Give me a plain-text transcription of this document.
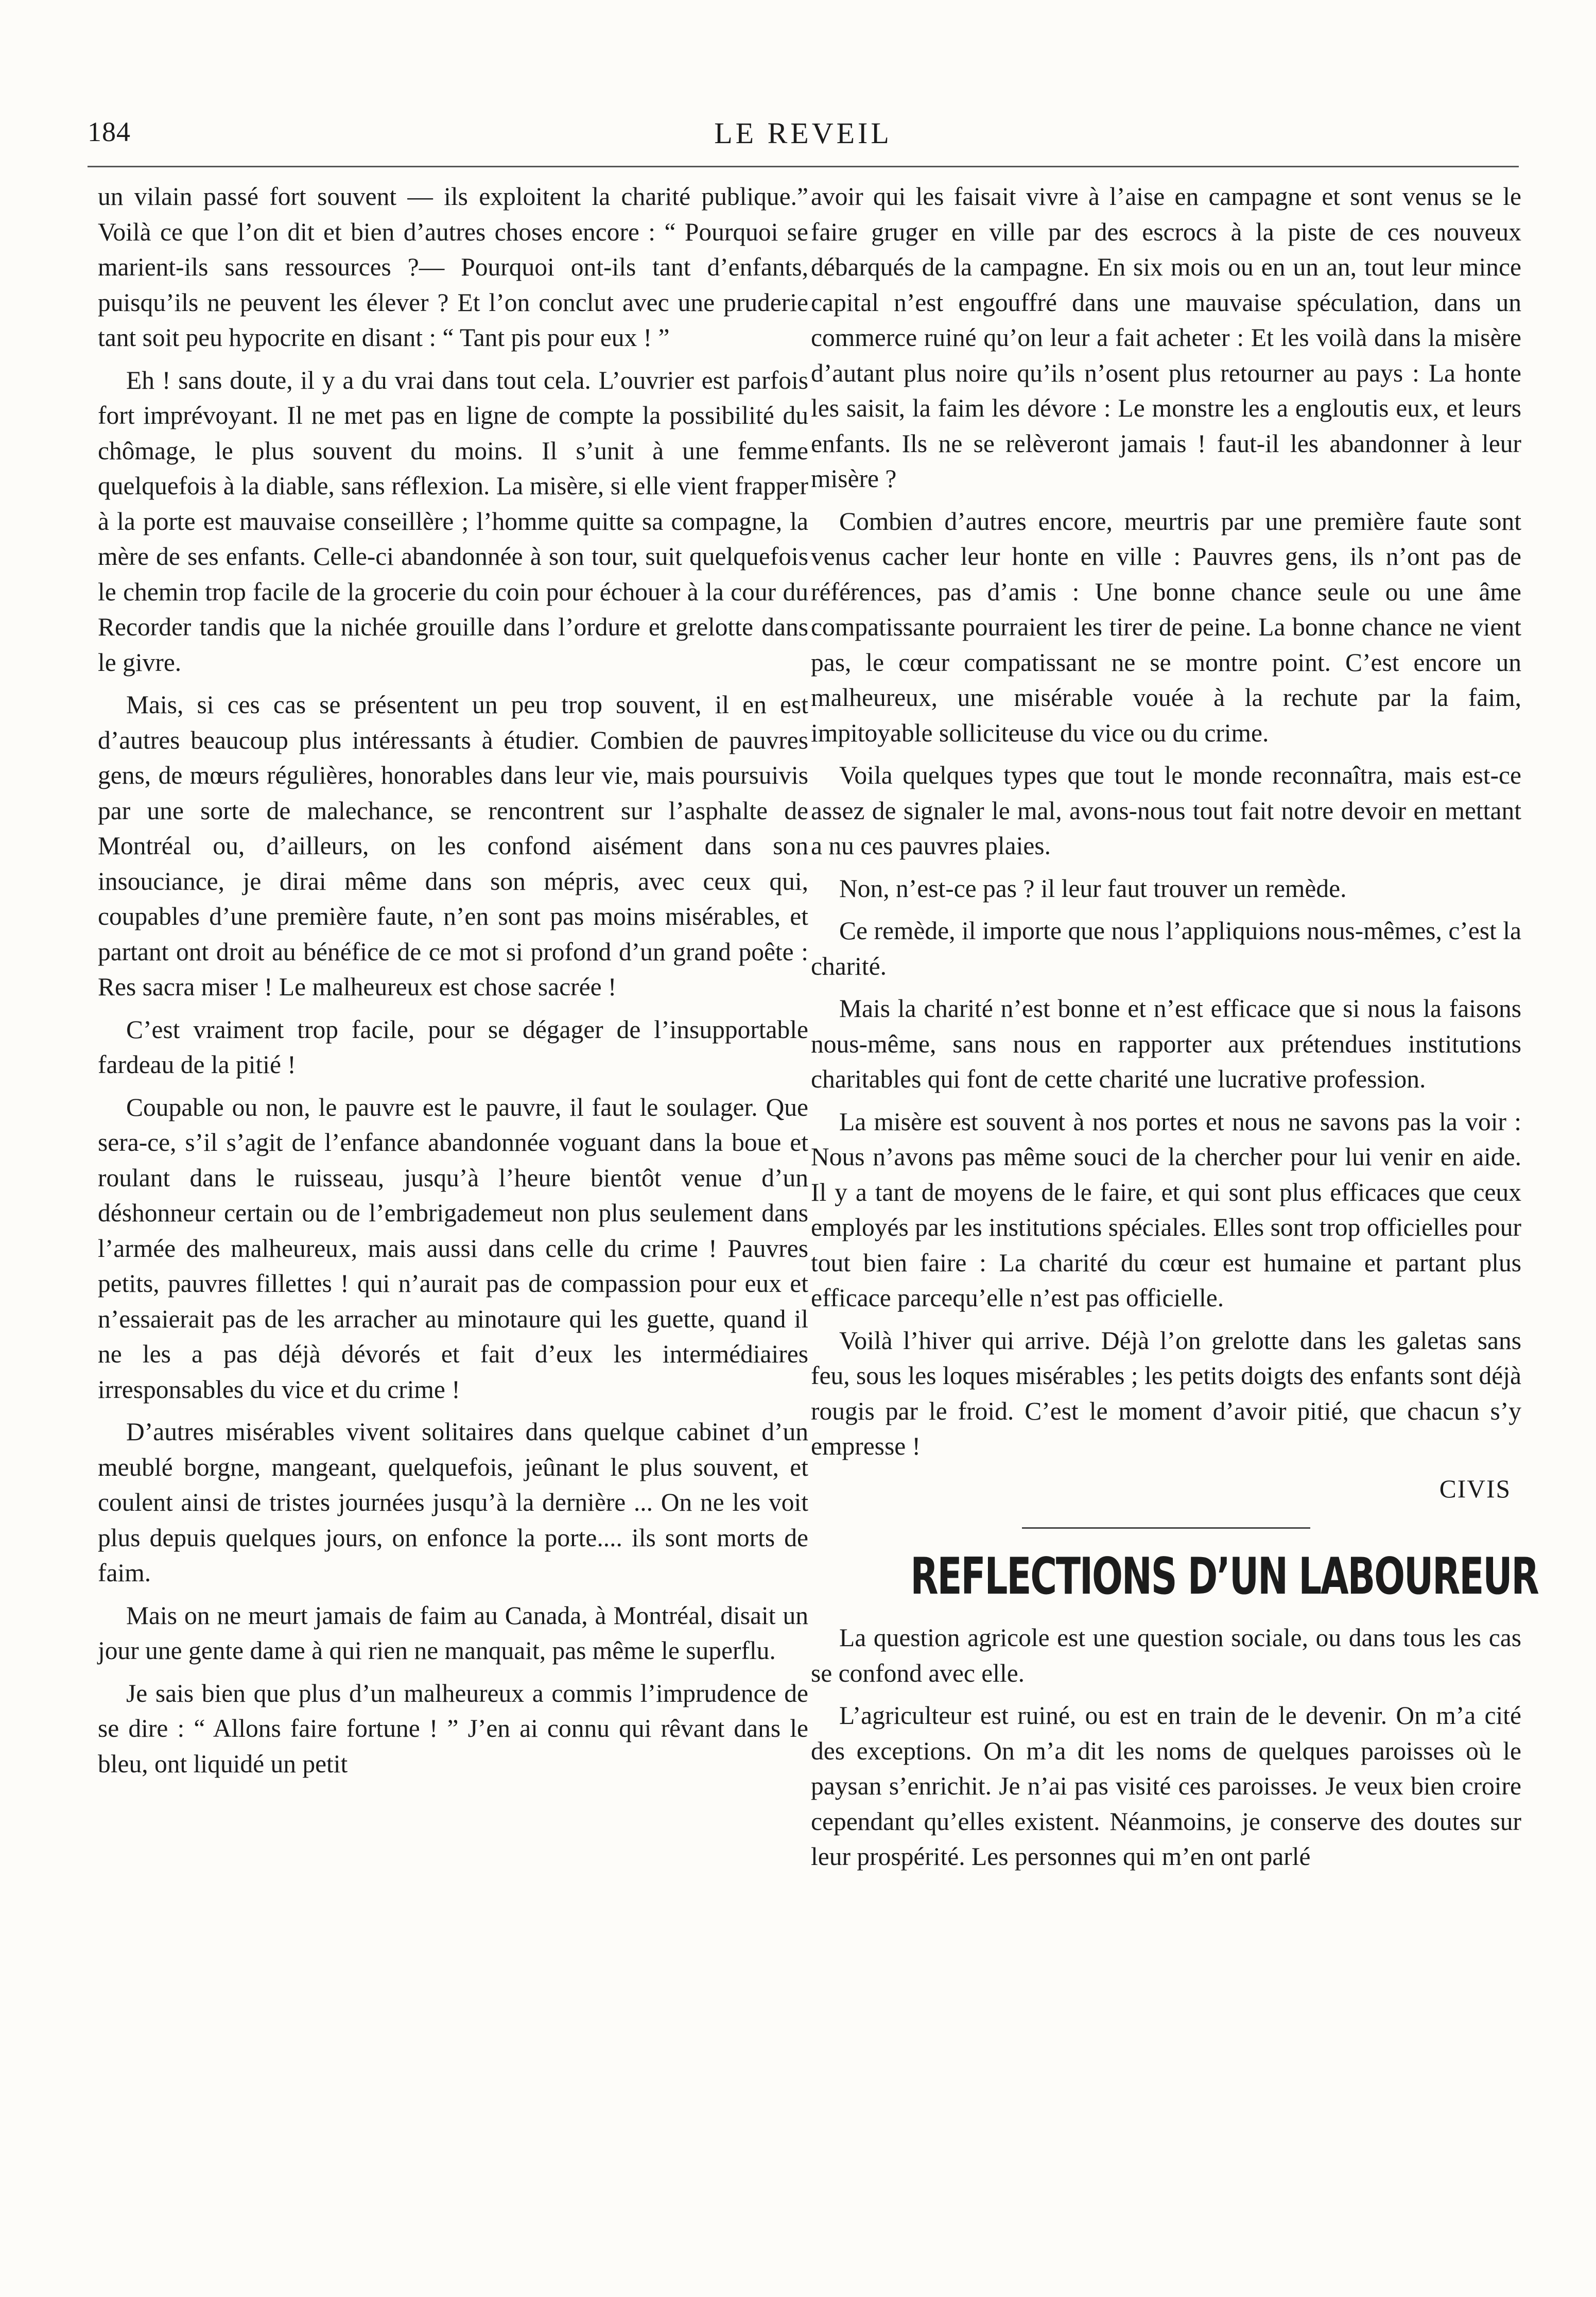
184	LE REVEIL

un vilain passé fort souvent — ils exploitent la charité publique.” Voilà ce que l’on dit et bien d’autres choses encore : “ Pourquoi se marient-ils sans ressources ?— Pourquoi ont-ils tant d’enfants, puisqu’ils ne peuvent les élever ? Et l’on conclut avec une pruderie tant soit peu hypocrite en disant : “ Tant pis pour eux ! ”

Eh ! sans doute, il y a du vrai dans tout cela. L’ouvrier est parfois fort imprévoyant. Il ne met pas en ligne de compte la possibilité du chômage, le plus souvent du moins. Il s’unit à une femme quelquefois à la diable, sans réflexion. La misère, si elle vient frapper à la porte est mauvaise conseillère ; l’homme quitte sa compagne, la mère de ses enfants. Celle-ci abandonnée à son tour, suit quelquefois le chemin trop facile de la grocerie du coin pour échouer à la cour du Recorder tandis que la nichée grouille dans l’ordure et grelotte dans le givre.

Mais, si ces cas se présentent un peu trop souvent, il en est d’autres beaucoup plus intéressants à étudier. Combien de pauvres gens, de mœurs régulières, honorables dans leur vie, mais poursuivis par une sorte de malechance, se rencontrent sur l’asphalte de Montréal ou, d’ailleurs, on les confond aisément dans son insouciance, je dirai même dans son mépris, avec ceux qui, coupables d’une première faute, n’en sont pas moins misérables, et partant ont droit au bénéfice de ce mot si profond d’un grand poête : Res sacra miser ! Le malheureux est chose sacrée !

C’est vraiment trop facile, pour se dégager de l’insupportable fardeau de la pitié !

Coupable ou non, le pauvre est le pauvre, il faut le soulager. Que sera-ce, s’il s’agit de l’enfance abandonnée voguant dans la boue et roulant dans le ruisseau, jusqu’à l’heure bientôt venue d’un déshonneur certain ou de l’embrigademeut non plus seulement dans l’armée des malheureux, mais aussi dans celle du crime ! Pauvres petits, pauvres fillettes ! qui n’aurait pas de compassion pour eux et n’essaierait pas de les arracher au minotaure qui les guette, quand il ne les a pas déjà dévorés et fait d’eux les intermédiaires irresponsables du vice et du crime !

D’autres misérables vivent solitaires dans quelque cabinet d’un meublé borgne, mangeant, quelquefois, jeûnant le plus souvent, et coulent ainsi de tristes journées jusqu’à la dernière ... On ne les voit plus depuis quelques jours, on enfonce la porte.... ils sont morts de faim.

Mais on ne meurt jamais de faim au Canada, à Montréal, disait un jour une gente dame à qui rien ne manquait, pas même le superflu.

Je sais bien que plus d’un malheureux a commis l’imprudence de se dire : “ Allons faire fortune ! ” J’en ai connu qui rêvant dans le bleu, ont liquidé un petit

avoir qui les faisait vivre à l’aise en campagne et sont venus se le faire gruger en ville par des escrocs à la piste de ces nouveux débarqués de la campagne. En six mois ou en un an, tout leur mince capital n’est engouffré dans une mauvaise spéculation, dans un commerce ruiné qu’on leur a fait acheter : Et les voilà dans la misère d’autant plus noire qu’ils n’osent plus retourner au pays : La honte les saisit, la faim les dévore : Le monstre les a engloutis eux, et leurs enfants. Ils ne se relèveront jamais ! faut-il les abandonner à leur misère ?

Combien d’autres encore, meurtris par une première faute sont venus cacher leur honte en ville : Pauvres gens, ils n’ont pas de références, pas d’amis : Une bonne chance seule ou une âme compatissante pourraient les tirer de peine. La bonne chance ne vient pas, le cœur compatissant ne se montre point. C’est encore un malheureux, une misérable vouée à la rechute par la faim, impitoyable solliciteuse du vice ou du crime.

Voila quelques types que tout le monde reconnaîtra, mais est-ce assez de signaler le mal, avons-nous tout fait notre devoir en mettant a nu ces pauvres plaies.

Non, n’est-ce pas ? il leur faut trouver un remède.

Ce remède, il importe que nous l’appliquions nous-mêmes, c’est la charité.

Mais la charité n’est bonne et n’est efficace que si nous la faisons nous-même, sans nous en rapporter aux prétendues institutions charitables qui font de cette charité une lucrative profession.

La misère est souvent à nos portes et nous ne savons pas la voir : Nous n’avons pas même souci de la chercher pour lui venir en aide. Il y a tant de moyens de le faire, et qui sont plus efficaces que ceux employés par les institutions spéciales. Elles sont trop officielles pour tout bien faire : La charité du cœur est humaine et partant plus efficace parcequ’elle n’est pas officielle.

Voilà l’hiver qui arrive. Déjà l’on grelotte dans les galetas sans feu, sous les loques misérables ; les petits doigts des enfants sont déjà rougis par le froid. C’est le moment d’avoir pitié, que chacun s’y empresse !

CIVIS

REFLECTIONS D’UN LABOUREUR

La question agricole est une question sociale, ou dans tous les cas se confond avec elle.

L’agriculteur est ruiné, ou est en train de le devenir. On m’a cité des exceptions. On m’a dit les noms de quelques paroisses où le paysan s’enrichit. Je n’ai pas visité ces paroisses. Je veux bien croire cependant qu’elles existent. Néanmoins, je conserve des doutes sur leur prospérité. Les personnes qui m’en ont parlé
